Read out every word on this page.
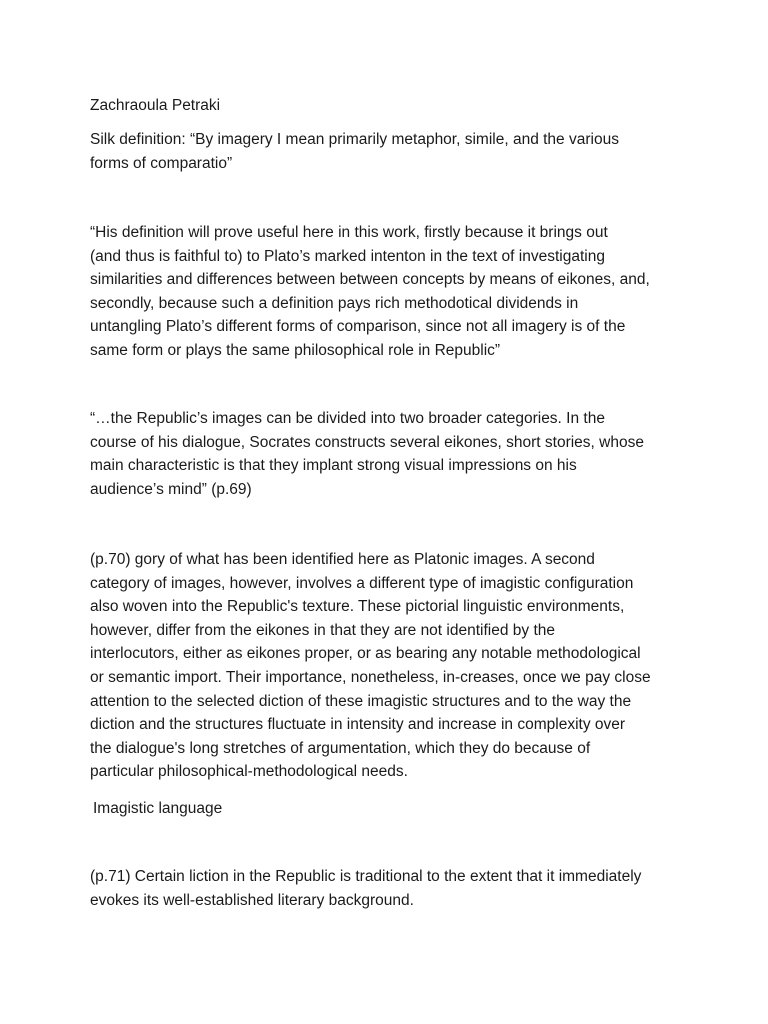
Zachraoula Petraki
Silk definition: “By imagery I mean primarily metaphor, simile, and the various
forms of comparatio”
“His definition will prove useful here in this work, firstly because it brings out
(and thus is faithful to) to Plato’s marked intenton in the text of investigating
similarities and differences between between concepts by means of eikones, and,
secondly, because such a definition pays rich methodotical dividends in
untangling Plato’s different forms of comparison, since not all imagery is of the
same form or plays the same philosophical role in Republic”
“…the Republic’s images can be divided into two broader categories. In the
course of his dialogue, Socrates constructs several eikones, short stories, whose
main characteristic is that they implant strong visual impressions on his
audience’s mind” (p.69)
(p.70) gory of what has been identified here as Platonic images. A second
category of images, however, involves a different type of imagistic configuration
also woven into the Republic's texture. These pictorial linguistic environments,
however, differ from the eikones in that they are not identified by the
interlocutors, either as eikones proper, or as bearing any notable methodological
or semantic import. Their importance, nonetheless, in-creases, once we pay close
attention to the selected diction of these imagistic structures and to the way the
diction and the structures fluctuate in intensity and increase in complexity over
the dialogue's long stretches of argumentation, which they do because of
particular philosophical-methodological needs.
Imagistic language
(p.71) Certain liction in the Republic is traditional to the extent that it immediately
evokes its well-established literary background.
